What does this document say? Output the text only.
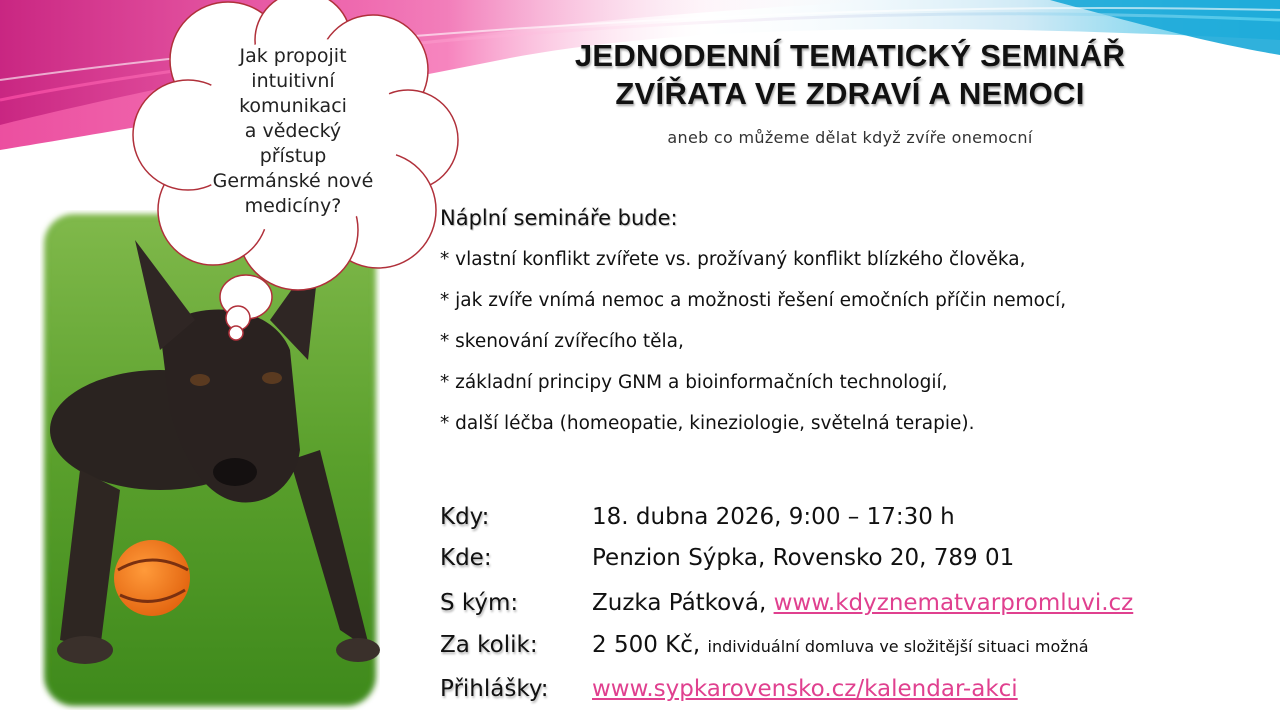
Jak propojit
intuitivní
komunikaci
a vědecký
přístup
Germánské nové
medicíny?
JEDNODENNÍ TEMATICKÝ SEMINÁŘ
ZVÍŘATA VE ZDRAVÍ A NEMOCI
aneb co můžeme dělat když zvíře onemocní
Náplní semináře bude:
* vlastní konflikt zvířete vs. prožívaný konflikt blízkého člověka,
* jak zvíře vnímá nemoc a možnosti řešení emočních příčin nemocí,
* skenování zvířecího těla,
* základní principy GNM a bioinformačních technologií,
* další léčba (homeopatie, kineziologie, světelná terapie).
Kdy:	18. dubna 2026, 9:00 – 17:30 h
Kde:	Penzion Sýpka, Rovensko 20, 789 01
S kým:	Zuzka Pátková, www.kdyznematvarpromluvi.cz
Za kolik: 2 500 Kč, individuální domluva ve složitější situaci možná
Přihlášky: www.sypkarovensko.cz/kalendar-akci
